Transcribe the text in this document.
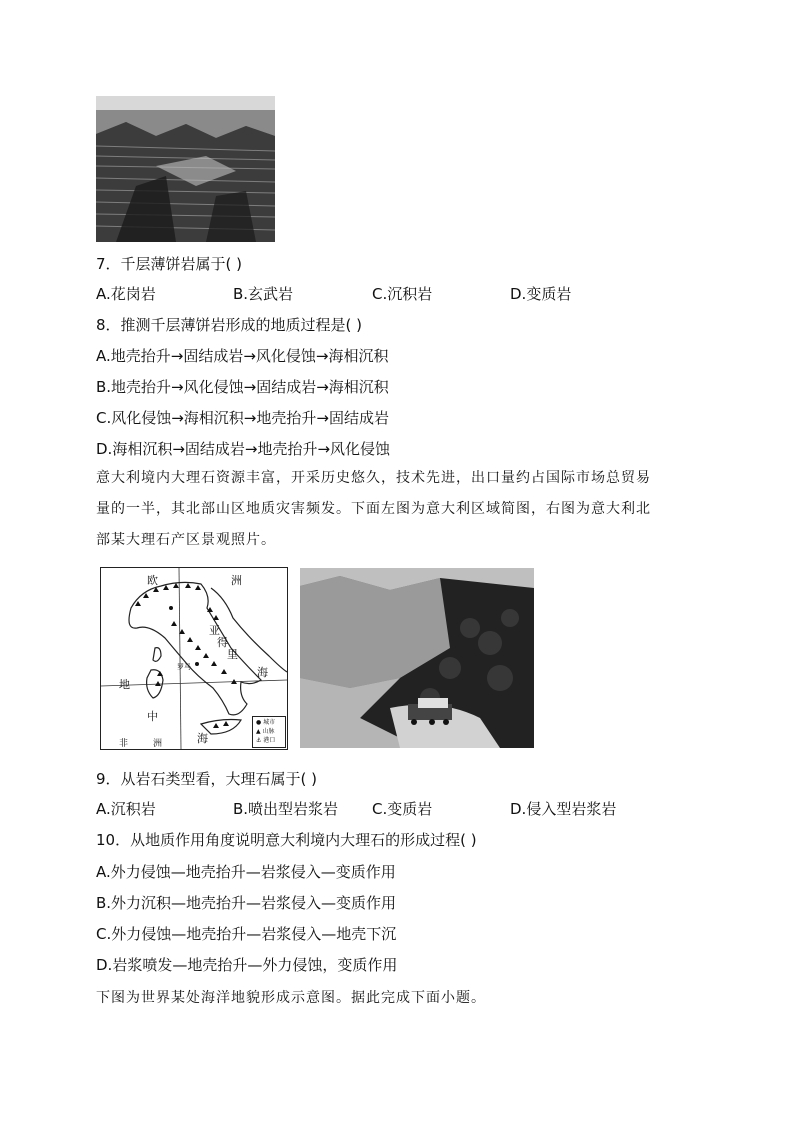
7．千层薄饼岩属于( )
A.花岗岩	B.玄武岩	C.沉积岩	D.变质岩
8．推测千层薄饼岩形成的地质过程是( )
A.地壳抬升→固结成岩→风化侵蚀→海相沉积
B.地壳抬升→风化侵蚀→固结成岩→海相沉积
C.风化侵蚀→海相沉积→地壳抬升→固结成岩
D.海相沉积→固结成岩→地壳抬升→风化侵蚀
意大利境内大理石资源丰富，开采历史悠久，技术先进，出口量约占国际市场总贸易
量的一半，其北部山区地质灾害频发。下面左图为意大利区域简图，右图为意大利北
部某大理石产区景观照片。
欧	洲
亚
得
里
海
罗马
地
中
海
非	洲
● 城市
▲ 山脉
⚓ 港口
9．从岩石类型看，大理石属于( )
A.沉积岩	B.喷出型岩浆岩 C.变质岩	D.侵入型岩浆岩
10．从地质作用角度说明意大利境内大理石的形成过程( )
A.外力侵蚀—地壳抬升—岩浆侵入—变质作用
B.外力沉积—地壳抬升—岩浆侵入—变质作用
C.外力侵蚀—地壳抬升—岩浆侵入—地壳下沉
D.岩浆喷发—地壳抬升—外力侵蚀，变质作用
下图为世界某处海洋地貌形成示意图。据此完成下面小题。
